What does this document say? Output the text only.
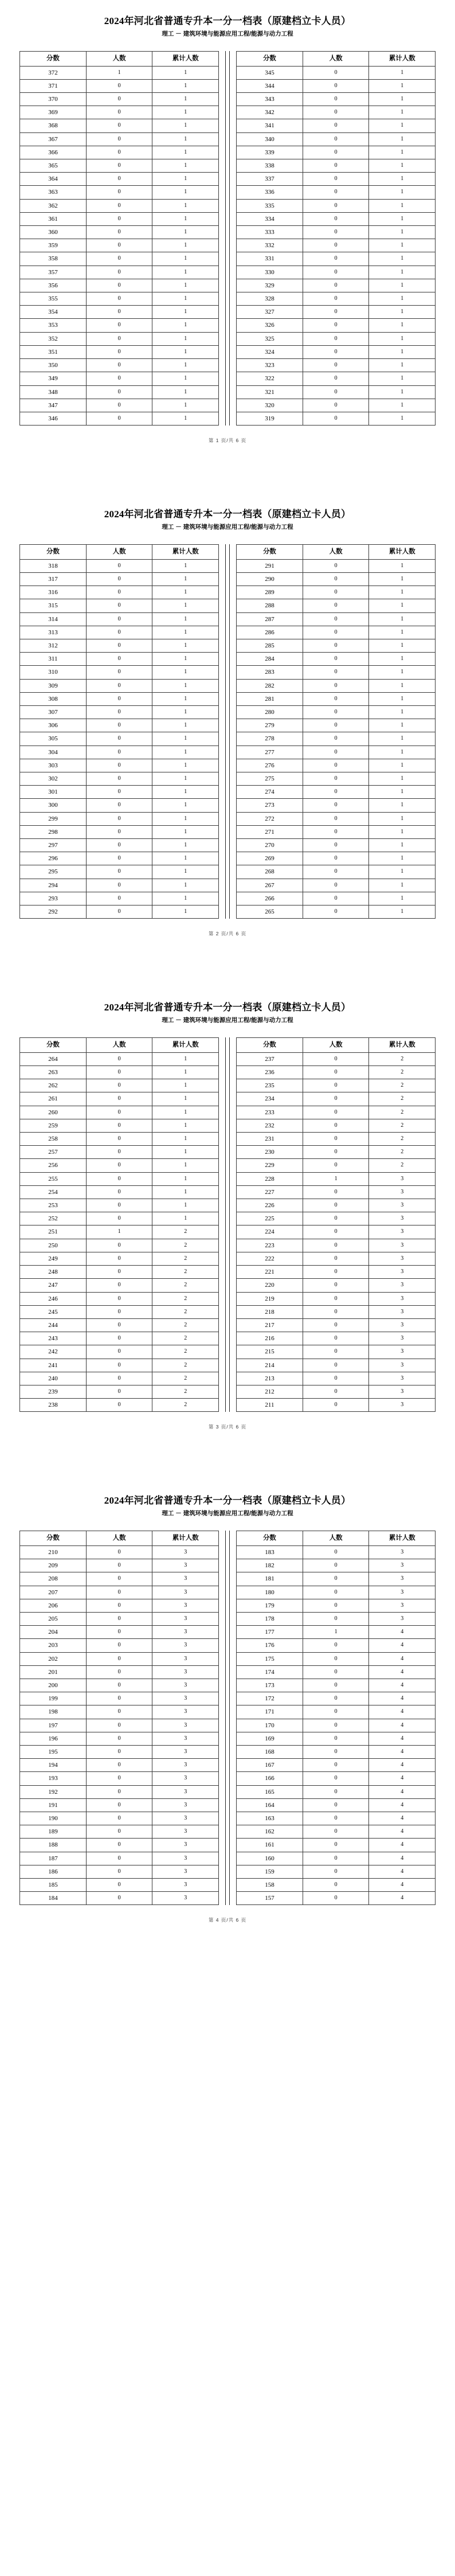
2024年河北省普通专升本一分一档表（原建档立卡人员）
理工 － 建筑环境与能源应用工程/能源与动力工程
分数	人数	累计人数
372	1	1
371	0	1
370	0	1
369	0	1
368	0	1
367	0	1
366	0	1
365	0	1
364	0	1
363	0	1
362	0	1
361	0	1
360	0	1
359	0	1
358	0	1
357	0	1
356	0	1
355	0	1
354	0	1
353	0	1
352	0	1
351	0	1
350	0	1
349	0	1
348	0	1
347	0	1
346	0	1
分数	人数	累计人数
345	0	1
344	0	1
343	0	1
342	0	1
341	0	1
340	0	1
339	0	1
338	0	1
337	0	1
336	0	1
335	0	1
334	0	1
333	0	1
332	0	1
331	0	1
330	0	1
329	0	1
328	0	1
327	0	1
326	0	1
325	0	1
324	0	1
323	0	1
322	0	1
321	0	1
320	0	1
319	0	1
第 1 页/共 6 页
2024年河北省普通专升本一分一档表（原建档立卡人员）
理工 － 建筑环境与能源应用工程/能源与动力工程
分数	人数	累计人数
318	0	1
317	0	1
316	0	1
315	0	1
314	0	1
313	0	1
312	0	1
311	0	1
310	0	1
309	0	1
308	0	1
307	0	1
306	0	1
305	0	1
304	0	1
303	0	1
302	0	1
301	0	1
300	0	1
299	0	1
298	0	1
297	0	1
296	0	1
295	0	1
294	0	1
293	0	1
292	0	1
分数	人数	累计人数
291	0	1
290	0	1
289	0	1
288	0	1
287	0	1
286	0	1
285	0	1
284	0	1
283	0	1
282	0	1
281	0	1
280	0	1
279	0	1
278	0	1
277	0	1
276	0	1
275	0	1
274	0	1
273	0	1
272	0	1
271	0	1
270	0	1
269	0	1
268	0	1
267	0	1
266	0	1
265	0	1
第 2 页/共 6 页
2024年河北省普通专升本一分一档表（原建档立卡人员）
理工 － 建筑环境与能源应用工程/能源与动力工程
分数	人数	累计人数
264	0	1
263	0	1
262	0	1
261	0	1
260	0	1
259	0	1
258	0	1
257	0	1
256	0	1
255	0	1
254	0	1
253	0	1
252	0	1
251	1	2
250	0	2
249	0	2
248	0	2
247	0	2
246	0	2
245	0	2
244	0	2
243	0	2
242	0	2
241	0	2
240	0	2
239	0	2
238	0	2
分数	人数	累计人数
237	0	2
236	0	2
235	0	2
234	0	2
233	0	2
232	0	2
231	0	2
230	0	2
229	0	2
228	1	3
227	0	3
226	0	3
225	0	3
224	0	3
223	0	3
222	0	3
221	0	3
220	0	3
219	0	3
218	0	3
217	0	3
216	0	3
215	0	3
214	0	3
213	0	3
212	0	3
211	0	3
第 3 页/共 6 页
2024年河北省普通专升本一分一档表（原建档立卡人员）
理工 － 建筑环境与能源应用工程/能源与动力工程
分数	人数	累计人数
210	0	3
209	0	3
208	0	3
207	0	3
206	0	3
205	0	3
204	0	3
203	0	3
202	0	3
201	0	3
200	0	3
199	0	3
198	0	3
197	0	3
196	0	3
195	0	3
194	0	3
193	0	3
192	0	3
191	0	3
190	0	3
189	0	3
188	0	3
187	0	3
186	0	3
185	0	3
184	0	3
分数	人数	累计人数
183	0	3
182	0	3
181	0	3
180	0	3
179	0	3
178	0	3
177	1	4
176	0	4
175	0	4
174	0	4
173	0	4
172	0	4
171	0	4
170	0	4
169	0	4
168	0	4
167	0	4
166	0	4
165	0	4
164	0	4
163	0	4
162	0	4
161	0	4
160	0	4
159	0	4
158	0	4
157	0	4
第 4 页/共 6 页
